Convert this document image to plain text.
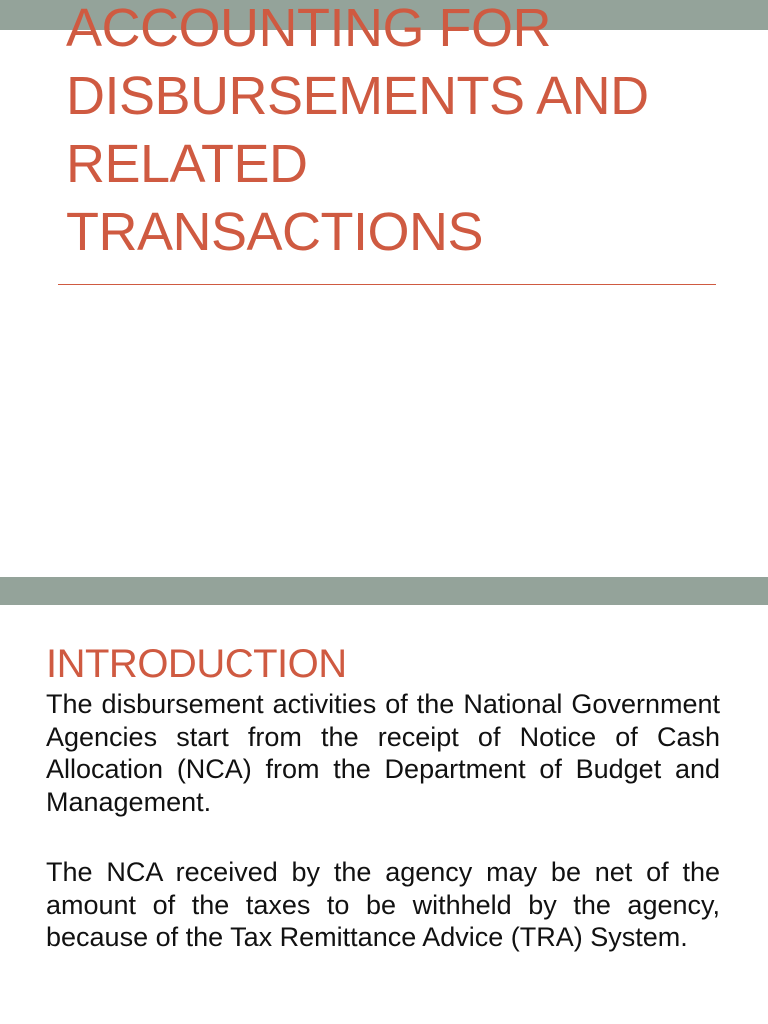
ACCOUNTING FOR
DISBURSEMENTS AND
RELATED
TRANSACTIONS
INTRODUCTION

The disbursement activities of the National Government Agencies start from the receipt of Notice of Cash Allocation (NCA) from the Department of Budget and Management.

The NCA received by the agency may be net of the amount of the taxes to be withheld by the agency, because of the Tax Remittance Advice (TRA) System.
